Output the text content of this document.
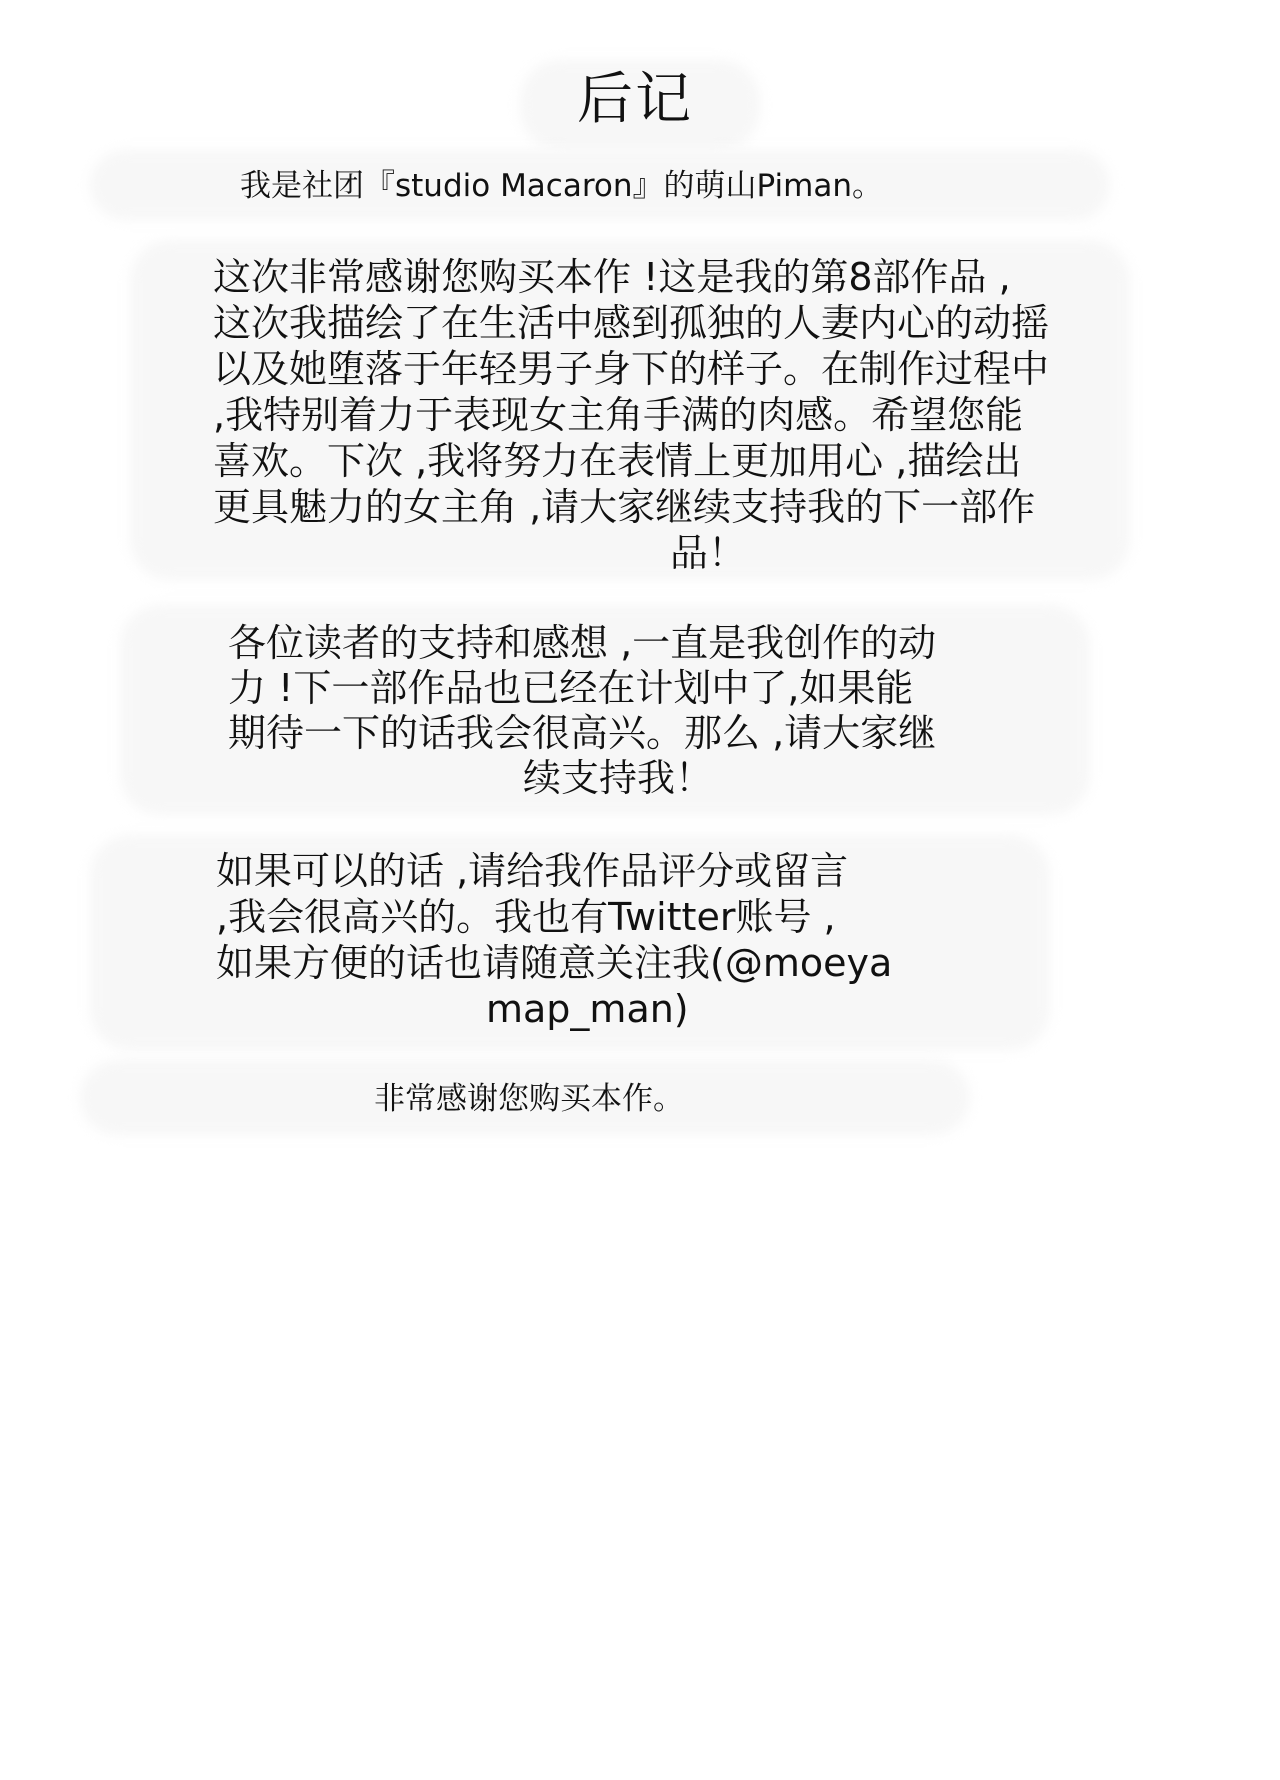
后记
我是社团『studio Macaron』的萌山Piman。
这次非常感谢您购买本作 !这是我的第8部作品 ,
这次我描绘了在生活中感到孤独的人妻内心的动摇
以及她堕落于年轻男子身下的样子。在制作过程中
,我特别着力于表现女主角手满的肉感。希望您能
喜欢。下次 ,我将努力在表情上更加用心 ,描绘出
更具魅力的女主角 ,请大家继续支持我的下一部作
品！
各位读者的支持和感想 ,一直是我创作的动
力 !下一部作品也已经在计划中了,如果能
期待一下的话我会很高兴。那么 ,请大家继
续支持我！
如果可以的话 ,请给我作品评分或留言
,我会很高兴的。我也有Twitter账号 ,
如果方便的话也请随意关注我(@moeya
map_man)
非常感谢您购买本作。
